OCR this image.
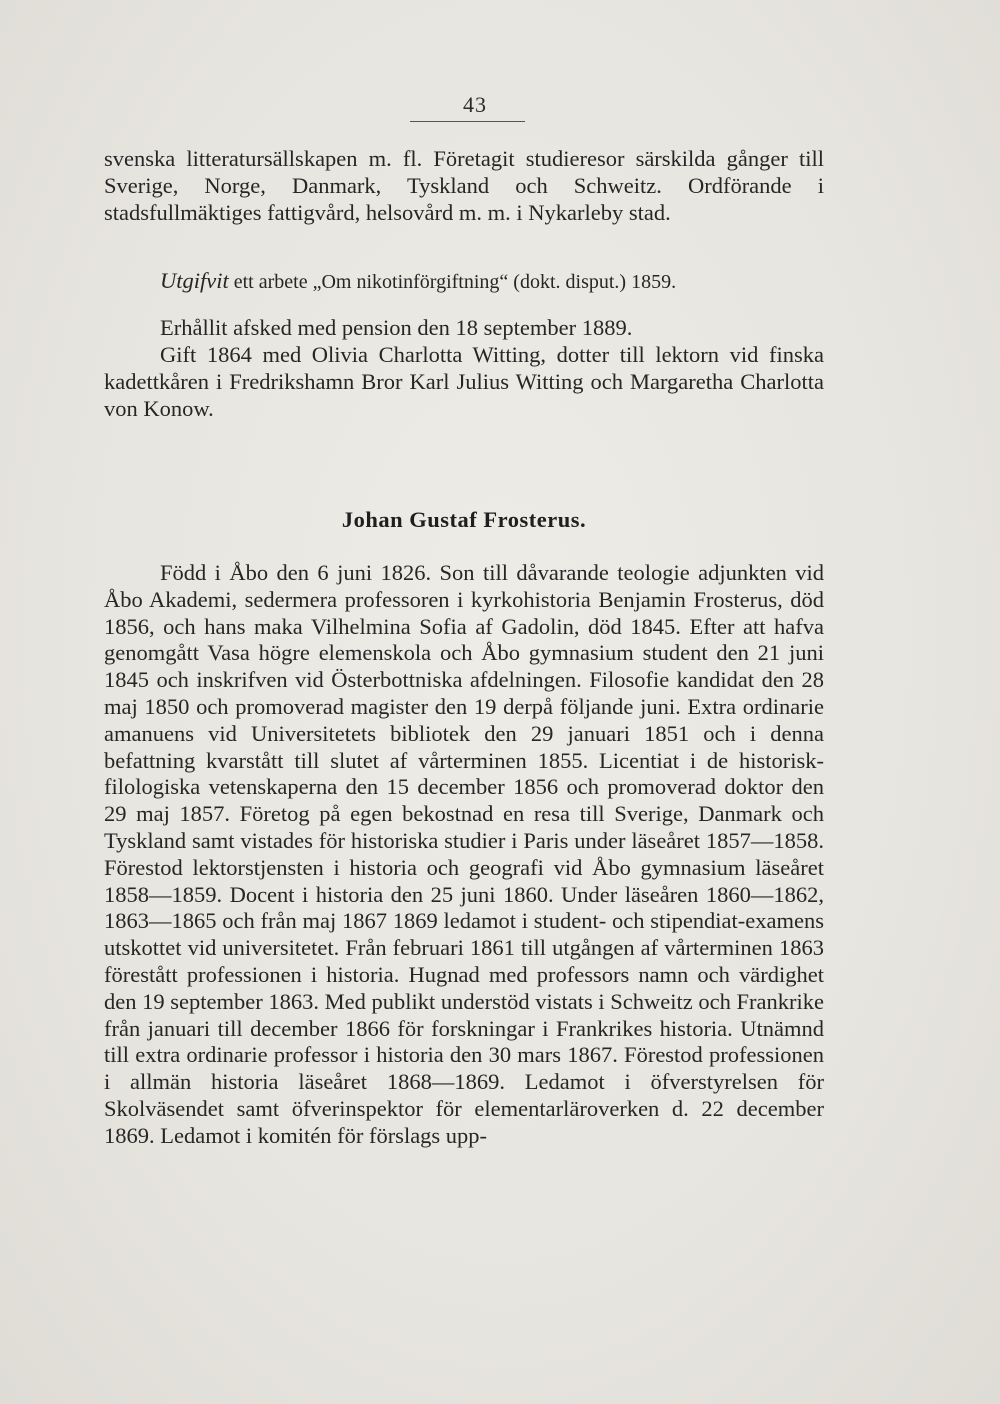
43

svenska litteratursällskapen m. fl. Företagit studieresor särskilda gånger till Sverige, Norge, Danmark, Tyskland och Schweitz. Ordförande i stadsfullmäktiges fattigvård, helsovård m. m. i Nykarleby stad.

Utgifvit ett arbete „Om nikotinförgiftning“ (dokt. disput.) 1859.

Erhållit afsked med pension den 18 september 1889.

Gift 1864 med Olivia Charlotta Witting, dotter till lektorn vid finska kadettkåren i Fredrikshamn Bror Karl Julius Witting och Margaretha Charlotta von Konow.

Johan Gustaf Frosterus.

Född i Åbo den 6 juni 1826. Son till dåvarande teologie adjunkten vid Åbo Akademi, sedermera professoren i kyrkohistoria Benjamin Frosterus, död 1856, och hans maka Vilhelmina Sofia af Gadolin, död 1845. Efter att hafva genomgått Vasa högre elemenskola och Åbo gymnasium student den 21 juni 1845 och inskrifven vid Österbottniska afdelningen. Filosofie kandidat den 28 maj 1850 och promoverad magister den 19 derpå följande juni. Extra ordinarie amanuens vid Universitetets bibliotek den 29 januari 1851 och i denna befattning kvarstått till slutet af vårterminen 1855. Licentiat i de historisk-filologiska vetenskaperna den 15 december 1856 och promoverad doktor den 29 maj 1857. Företog på egen bekostnad en resa till Sverige, Danmark och Tyskland samt vistades för historiska studier i Paris under läseåret 1857—1858. Förestod lektorstjensten i historia och geografi vid Åbo gymnasium läseåret 1858—1859. Docent i historia den 25 juni 1860. Under läseåren 1860—1862, 1863—1865 och från maj 1867 1869 ledamot i student- och stipendiat-examens utskottet vid universitetet. Från februari 1861 till utgången af vårterminen 1863 förestått professionen i historia. Hugnad med professors namn och värdighet den 19 september 1863. Med publikt understöd vistats i Schweitz och Frankrike från januari till december 1866 för forskningar i Frankrikes historia. Utnämnd till extra ordinarie professor i historia den 30 mars 1867. Förestod professionen i allmän historia läseåret 1868—1869. Ledamot i öfverstyrelsen för Skolväsendet samt öfverinspektor för elementarläroverken d. 22 december 1869. Ledamot i komitén för förslags upp-
